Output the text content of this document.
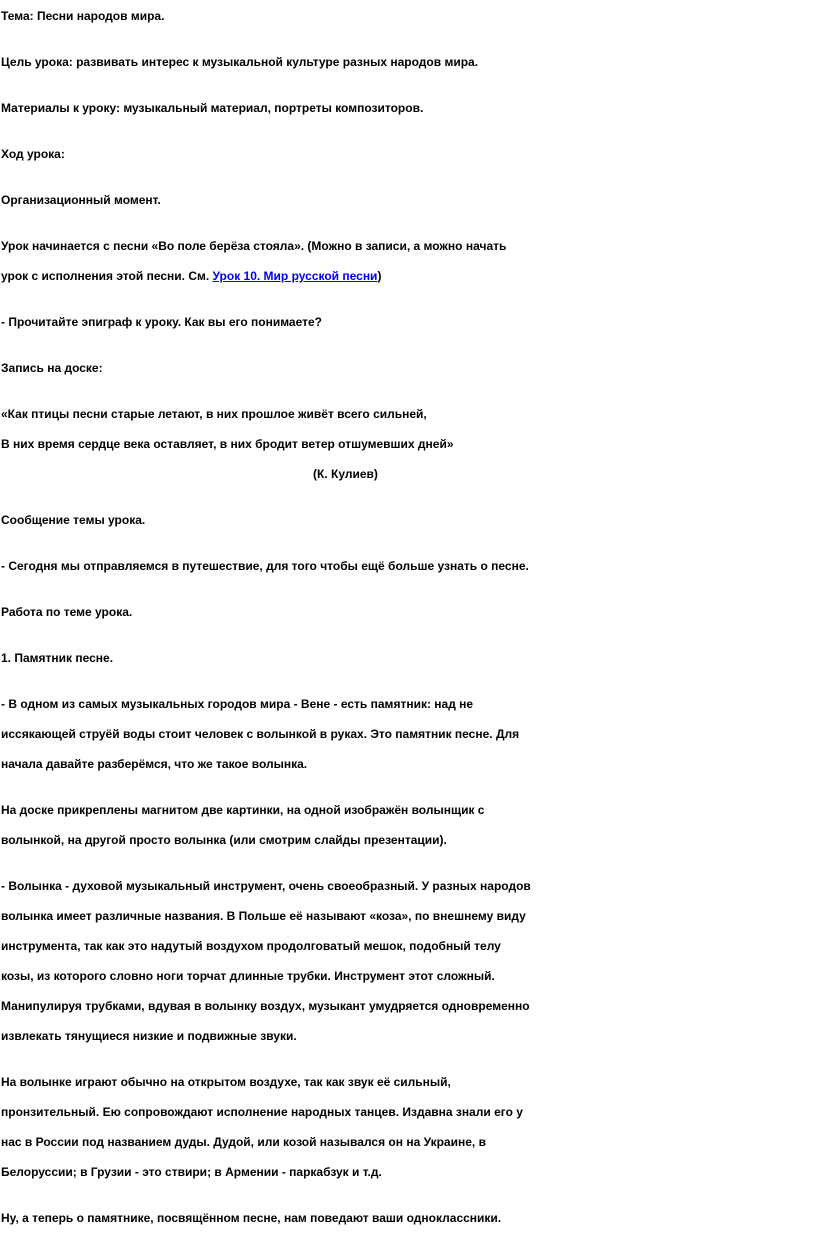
Тема: Песни народов мира.

Цель урока: развивать интерес к музыкальной культуре разных народов мира.

Материалы к уроку: музыкальный материал, портреты композиторов.

Ход урока:

Организационный момент.

Урок начинается с песни «Во поле берёза стояла». (Можно в записи, а можно начать
урок с исполнения этой песни. См. Урок 10. Мир русской песни)

- Прочитайте эпиграф к уроку. Как вы его понимаете?

Запись на доске:

«Как птицы песни старые летают, в них прошлое живёт всего сильней,
В них время сердце века оставляет, в них бродит ветер отшумевших дней»
(К. Кулиев)

Сообщение темы урока.

- Сегодня мы отправляемся в путешествие, для того чтобы ещё больше узнать о песне.

Работа по теме урока.

1. Памятник песне.

- В одном из самых музыкальных городов мира - Вене - есть памятник: над не
иссякающей струёй воды стоит человек с волынкой в руках. Это памятник песне. Для
начала давайте разберёмся, что же такое волынка.
На доске прикреплены магнитом две картинки, на одной изображён волынщик с
волынкой, на другой просто волынка (или смотрим слайды презентации).
- Волынка - духовой музыкальный инструмент, очень своеобразный. У разных народов
волынка имеет различные названия. В Польше её называют «коза», по внешнему виду
инструмента, так как это надутый воздухом продолговатый мешок, подобный телу
козы, из которого словно ноги торчат длинные трубки. Инструмент этот сложный.
Манипулируя трубками, вдувая в волынку воздух, музыкант умудряется одновременно
извлекать тянущиеся низкие и подвижные звуки.
На волынке играют обычно на открытом воздухе, так как звук её сильный,
пронзительный. Ею сопровождают исполнение народных танцев. Издавна знали его у
нас в России под названием дуды. Дудой, или козой назывался он на Украине, в
Белоруссии; в Грузии - это ствири; в Армении - паркабзук и т.д.

Ну, а теперь о памятнике, посвящённом песне, нам поведают ваши одноклассники.
